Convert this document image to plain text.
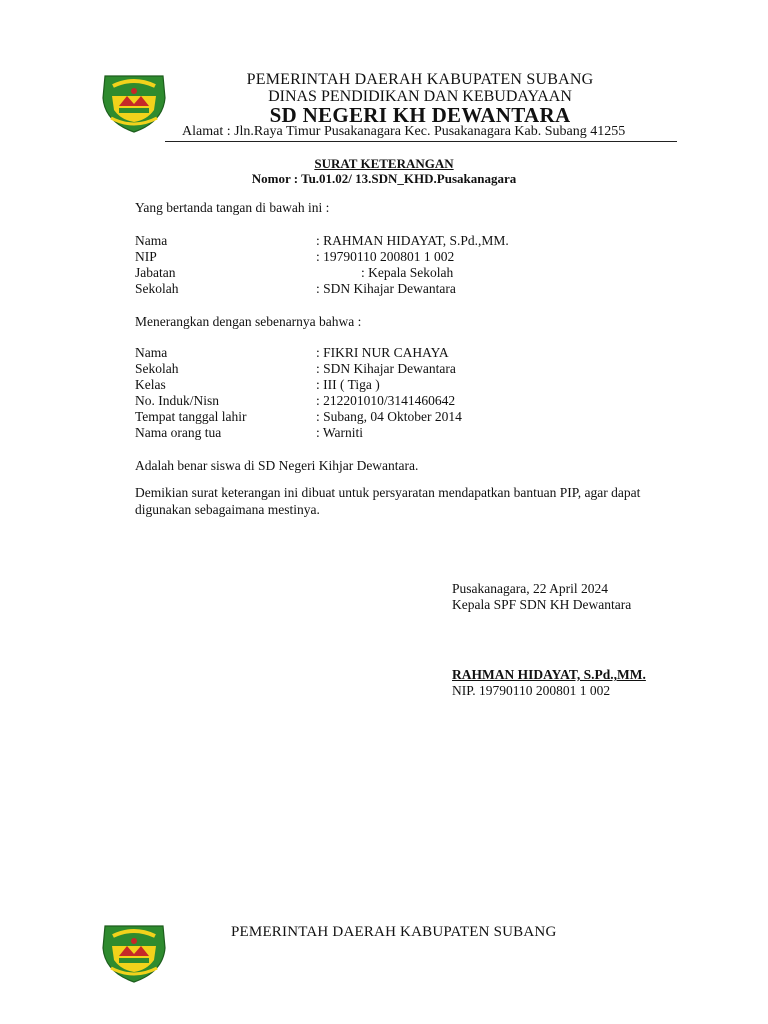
PEMERINTAH DAERAH KABUPATEN SUBANG
DINAS PENDIDIKAN DAN KEBUDAYAAN
SD NEGERI KH DEWANTARA
Alamat : Jln.Raya Timur Pusakanagara Kec. Pusakanagara Kab. Subang 41255
SURAT KETERANGAN
Nomor : Tu.01.02/ 13.SDN_KHD.Pusakanagara
Yang bertanda tangan di bawah ini :
Nama	: RAHMAN HIDAYAT, S.Pd.,MM.
NIP	: 19790110 200801 1 002
Jabatan	: Kepala Sekolah
Sekolah	: SDN Kihajar Dewantara
Menerangkan dengan sebenarnya bahwa :
Nama	: FIKRI NUR CAHAYA
Sekolah	: SDN Kihajar Dewantara
Kelas	: III ( Tiga )
No. Induk/Nisn	: 212201010/3141460642
Tempat tanggal lahir	: Subang, 04 Oktober 2014
Nama orang tua	: Warniti
Adalah benar siswa di SD Negeri Kihjar Dewantara.
Demikian surat keterangan ini dibuat untuk persyaratan mendapatkan bantuan PIP, agar dapat digunakan sebagaimana mestinya.
Pusakanagara, 22 April 2024
Kepala SPF SDN KH Dewantara
RAHMAN HIDAYAT, S.Pd.,MM.
NIP. 19790110 200801 1 002
PEMERINTAH DAERAH KABUPATEN SUBANG
